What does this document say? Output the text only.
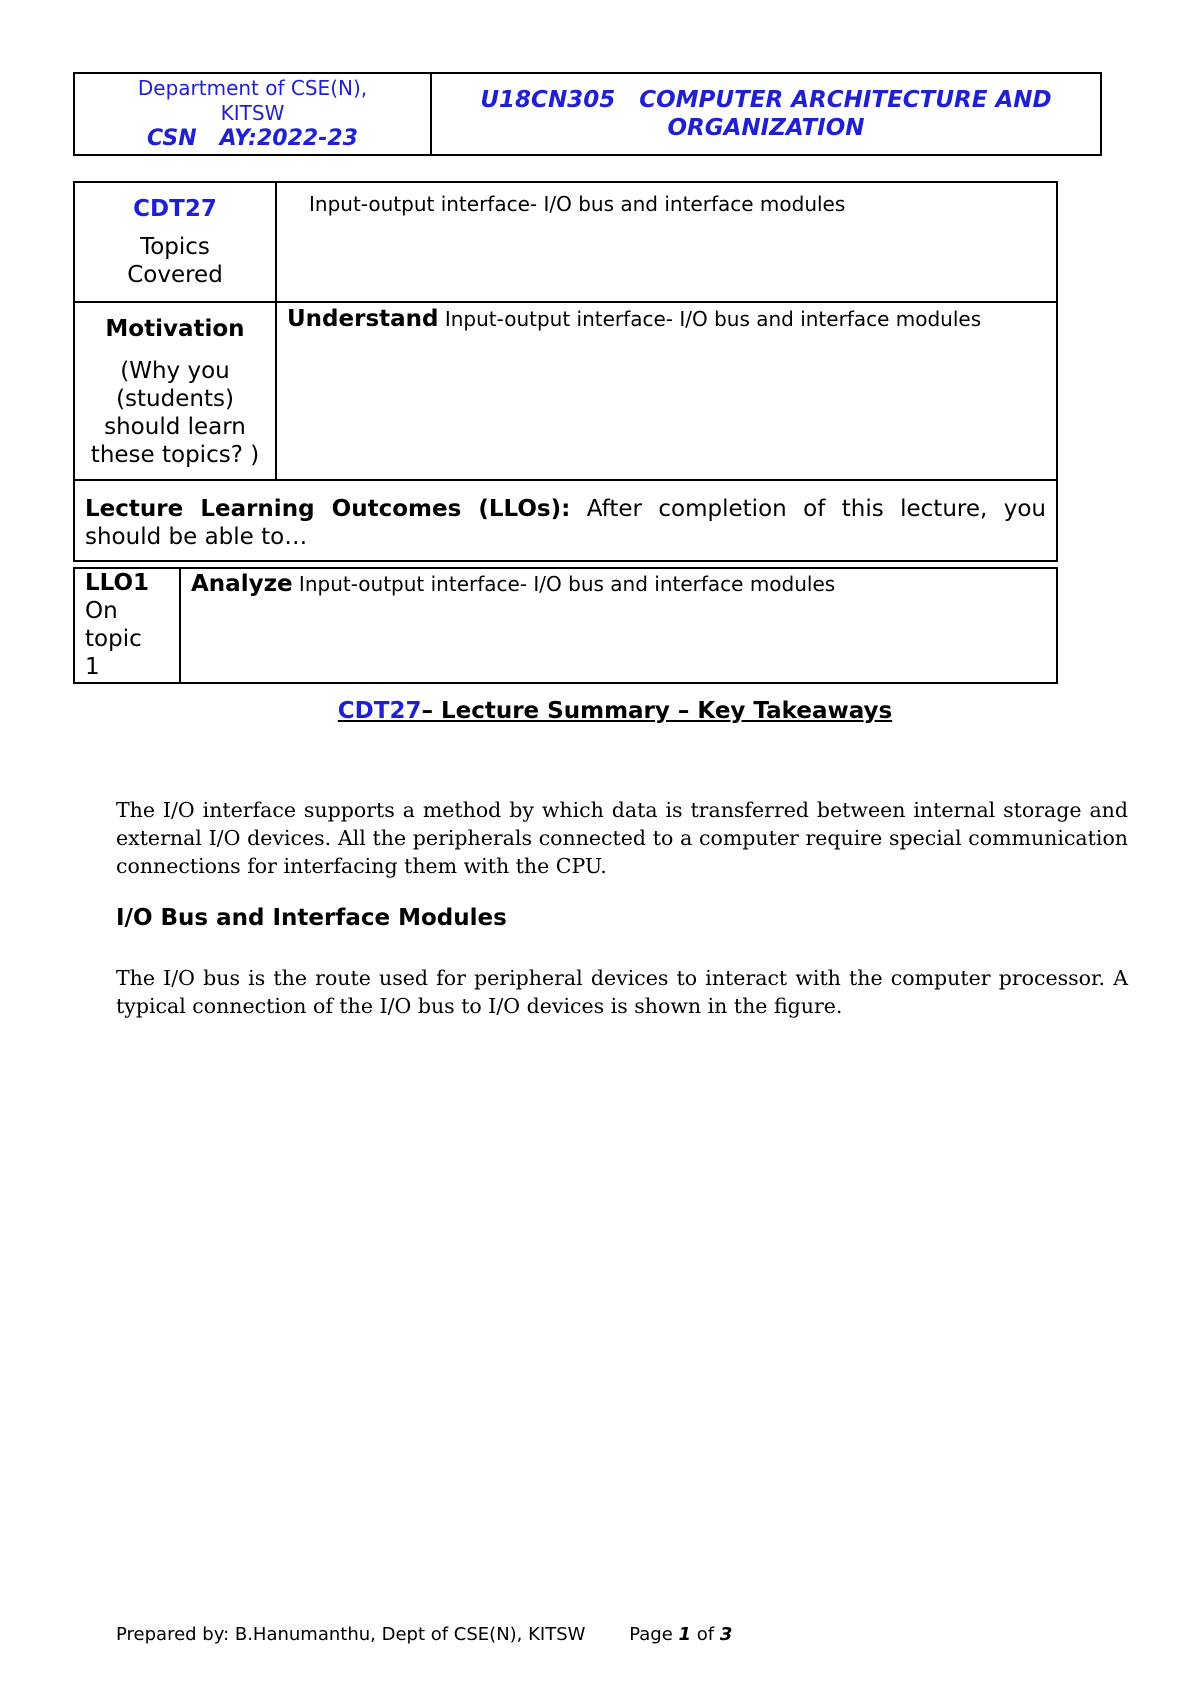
Department of CSE(N),
KITSW
CSN AY:2022-23

U18CN305 COMPUTER ARCHITECTURE AND
ORGANIZATION
CDT27
Topics
Covered	Input-output interface- I/O bus and interface modules

Motivation
(Why you
(students)
should learn
these topics? )	Understand Input-output interface- I/O bus and interface modules
Lecture Learning Outcomes (LLOs): After completion of this lecture, you should be able to…	
LLO1
On
topic
1
	Analyze Input-output interface- I/O bus and interface modules
CDT27– Lecture Summary – Key Takeaways
The I/O interface supports a method by which data is transferred between internal storage and external I/O devices. All the peripherals connected to a computer require special communication connections for interfacing them with the CPU.
I/O Bus and Interface Modules
The I/O bus is the route used for peripheral devices to interact with the computer processor. A typical connection of the I/O bus to I/O devices is shown in the figure.
Prepared by: B.Hanumanthu, Dept of CSE(N), KITSW Page 1 of 3
